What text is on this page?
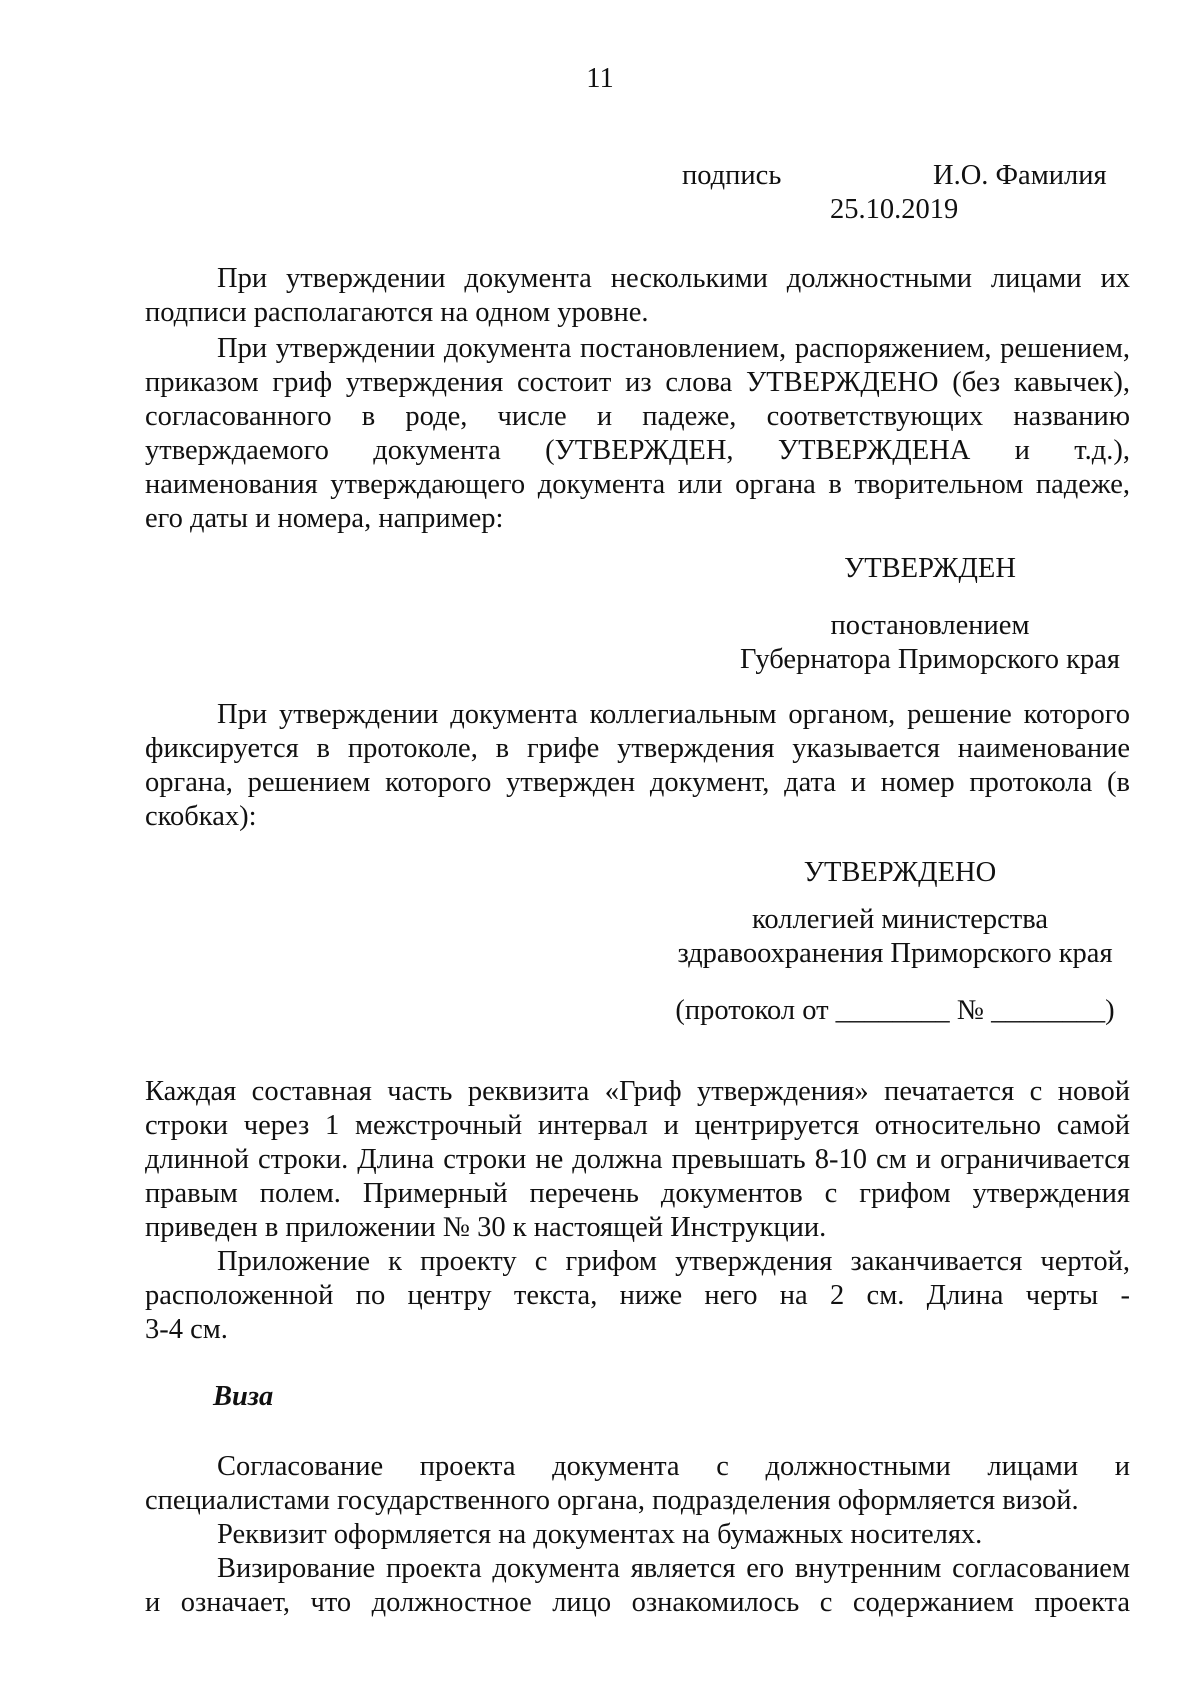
11
подпись	И.О. Фамилия
25.10.2019
При утверждении документа несколькими должностными лицами их
подписи располагаются на одном уровне.
При утверждении документа постановлением, распоряжением, решением,
приказом гриф утверждения состоит из слова УТВЕРЖДЕНО (без кавычек),
согласованного в роде, числе и падеже, соответствующих названию
утверждаемого документа (УТВЕРЖДЕН, УТВЕРЖДЕНА и т.д.),
наименования утверждающего документа или органа в творительном падеже,
его даты и номера, например:
УТВЕРЖДЕН
постановлением
Губернатора Приморского края
При утверждении документа коллегиальным органом, решение которого
фиксируется в протоколе, в грифе утверждения указывается наименование
органа, решением которого утвержден документ, дата и номер протокола (в
скобках):
УТВЕРЖДЕНО
коллегией министерства
здравоохранения Приморского края
(протокол от ________ № ________)
Каждая составная часть реквизита «Гриф утверждения» печатается с новой
строки через 1 межстрочный интервал и центрируется относительно самой
длинной строки. Длина строки не должна превышать 8-10 см и ограничивается
правым полем. Примерный перечень документов с грифом утверждения
приведен в приложении № 30 к настоящей Инструкции.
Приложение к проекту с грифом утверждения заканчивается чертой,
расположенной по центру текста, ниже него на 2 см. Длина черты -
3-4 см.
Виза
Согласование проекта документа с должностными лицами и
специалистами государственного органа, подразделения оформляется визой.
Реквизит оформляется на документах на бумажных носителях.
Визирование проекта документа является его внутренним согласованием
и означает, что должностное лицо ознакомилось с содержанием проекта
